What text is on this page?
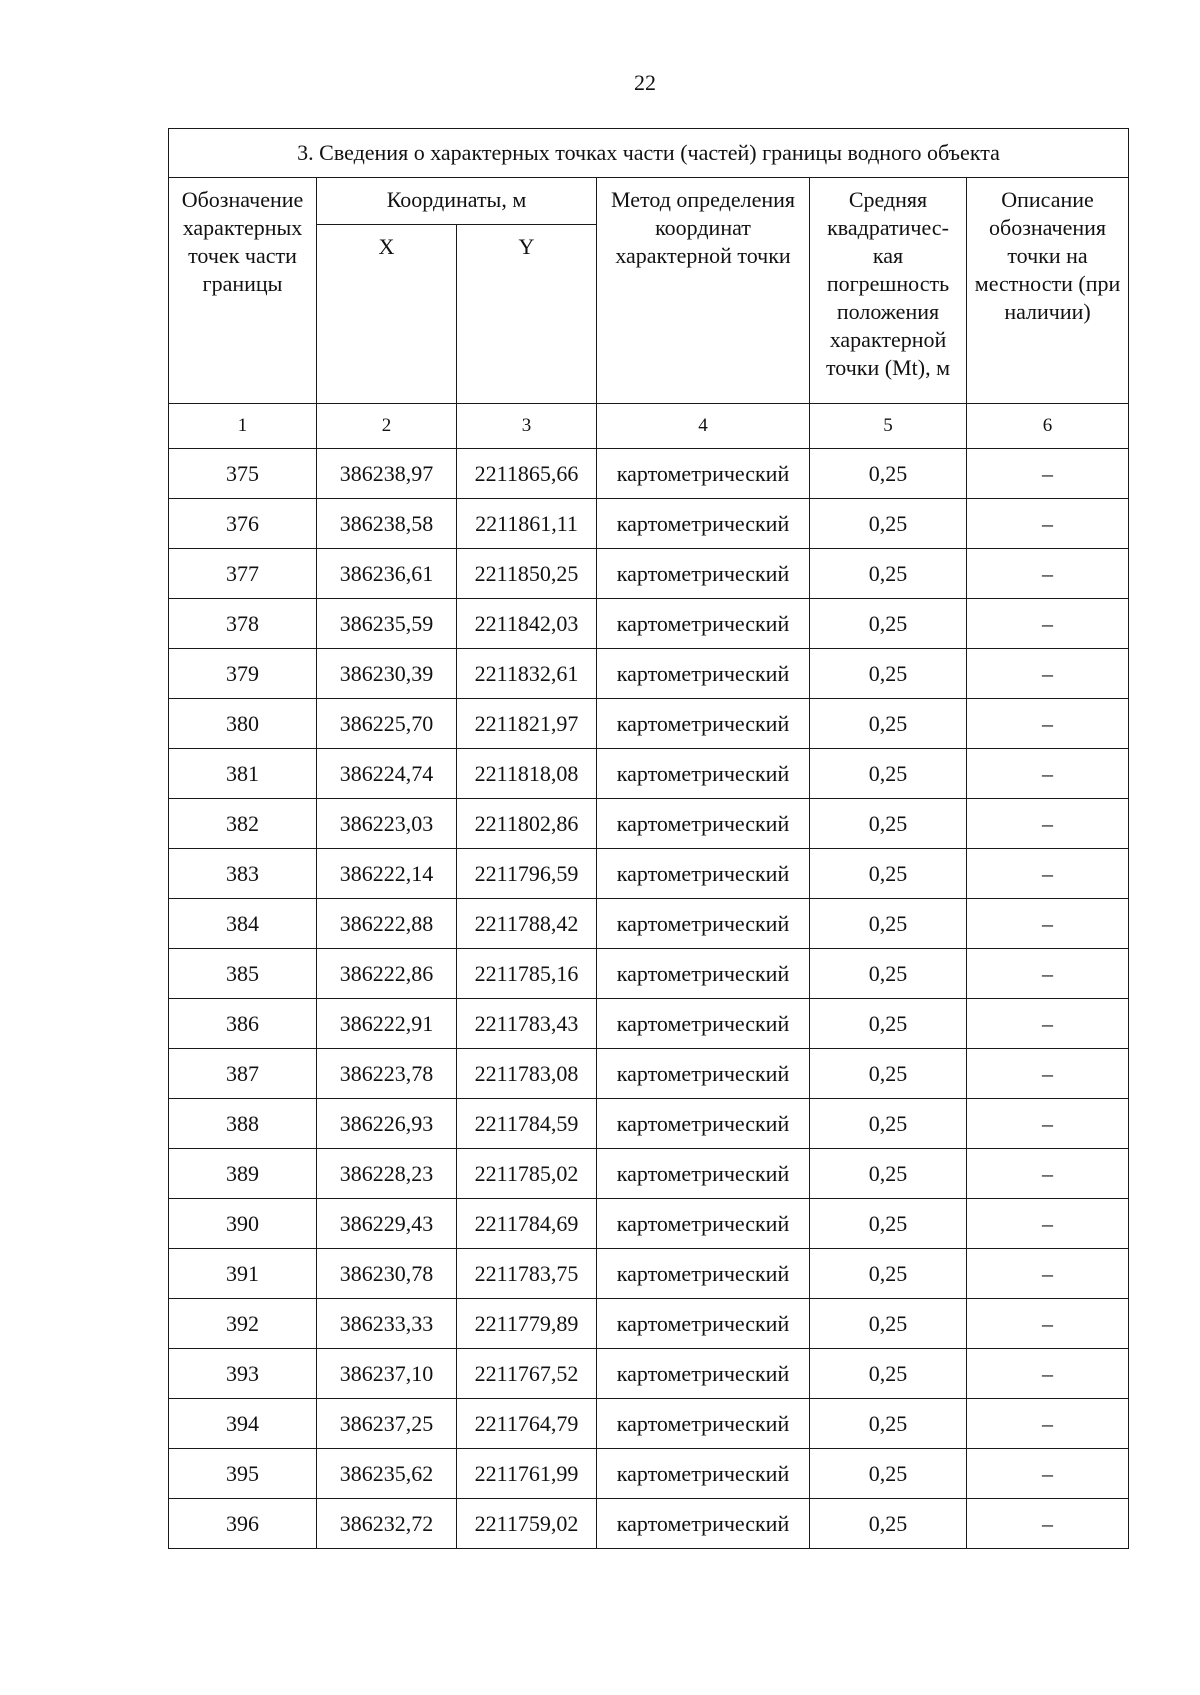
22
3. Сведения о характерных точках части (частей) границы водного объекта					
Обозначение характерных точек части границы	Координаты, м		Метод определения координат характерной точки	Средняя квадратичес-кая погрешность положения характерной точки (Mt), м	Описание обозначения точки на местности (при наличии)
	X	Y			
1	2	3	4	5	6
375	386238,97	2211865,66	картометрический	0,25	–
376	386238,58	2211861,11	картометрический	0,25	–
377	386236,61	2211850,25	картометрический	0,25	–
378	386235,59	2211842,03	картометрический	0,25	–
379	386230,39	2211832,61	картометрический	0,25	–
380	386225,70	2211821,97	картометрический	0,25	–
381	386224,74	2211818,08	картометрический	0,25	–
382	386223,03	2211802,86	картометрический	0,25	–
383	386222,14	2211796,59	картометрический	0,25	–
384	386222,88	2211788,42	картометрический	0,25	–
385	386222,86	2211785,16	картометрический	0,25	–
386	386222,91	2211783,43	картометрический	0,25	–
387	386223,78	2211783,08	картометрический	0,25	–
388	386226,93	2211784,59	картометрический	0,25	–
389	386228,23	2211785,02	картометрический	0,25	–
390	386229,43	2211784,69	картометрический	0,25	–
391	386230,78	2211783,75	картометрический	0,25	–
392	386233,33	2211779,89	картометрический	0,25	–
393	386237,10	2211767,52	картометрический	0,25	–
394	386237,25	2211764,79	картометрический	0,25	–
395	386235,62	2211761,99	картометрический	0,25	–
396	386232,72	2211759,02	картометрический	0,25	–
